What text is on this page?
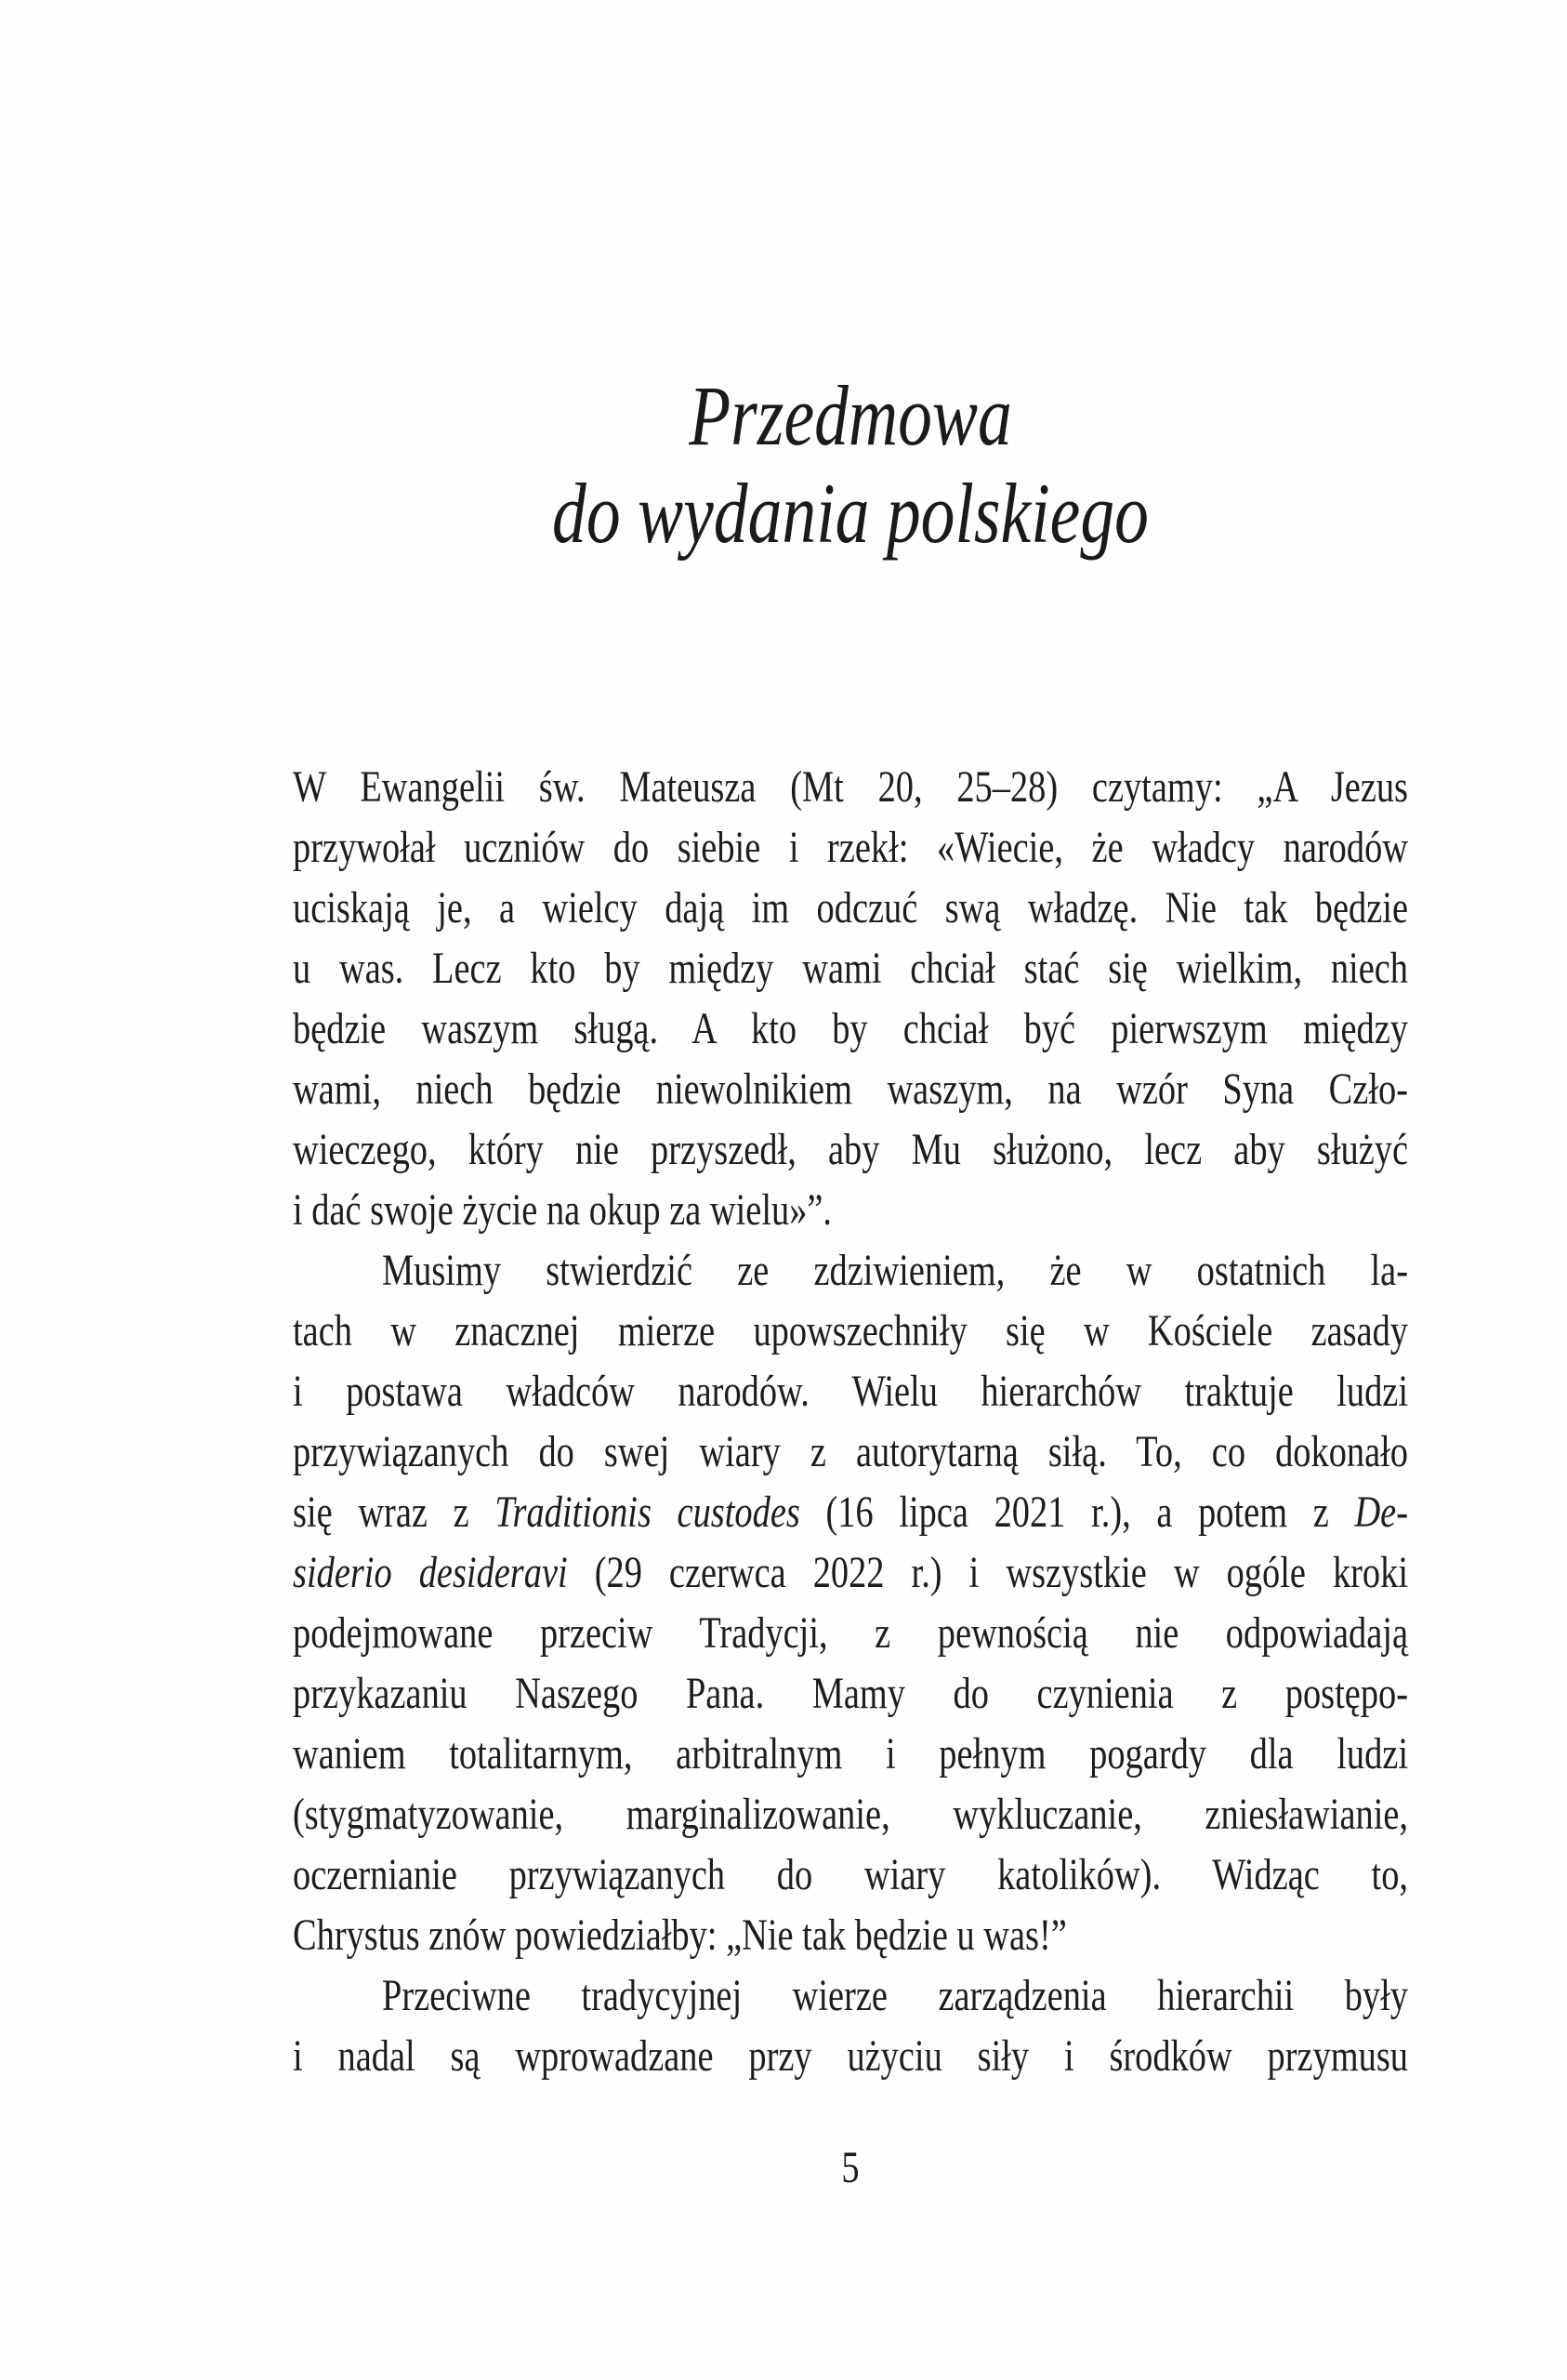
Przedmowa
do wydania polskiego
W Ewangelii św. Mateusza (Mt 20, 25–28) czytamy: „A Jezus
przywołał uczniów do siebie i rzekł: «Wiecie, że władcy narodów
uciskają je, a wielcy dają im odczuć swą władzę. Nie tak będzie
u was. Lecz kto by między wami chciał stać się wielkim, niech
będzie waszym sługą. A kto by chciał być pierwszym między
wami, niech będzie niewolnikiem waszym, na wzór Syna Czło-
wieczego, który nie przyszedł, aby Mu służono, lecz aby służyć
i dać swoje życie na okup za wielu»”.
Musimy stwierdzić ze zdziwieniem, że w ostatnich la-
tach w znacznej mierze upowszechniły się w Kościele zasady
i postawa władców narodów. Wielu hierarchów traktuje ludzi
przywiązanych do swej wiary z autorytarną siłą. To, co dokonało
się wraz z Traditionis custodes (16 lipca 2021 r.), a potem z De-
siderio desideravi (29 czerwca 2022 r.) i wszystkie w ogóle kroki
podejmowane przeciw Tradycji, z pewnością nie odpowiadają
przykazaniu Naszego Pana. Mamy do czynienia z postępo-
waniem totalitarnym, arbitralnym i pełnym pogardy dla ludzi
(stygmatyzowanie, marginalizowanie, wykluczanie, zniesławianie,
oczernianie przywiązanych do wiary katolików). Widząc to,
Chrystus znów powiedziałby: „Nie tak będzie u was!”
Przeciwne tradycyjnej wierze zarządzenia hierarchii były
i nadal są wprowadzane przy użyciu siły i środków przymusu
5
